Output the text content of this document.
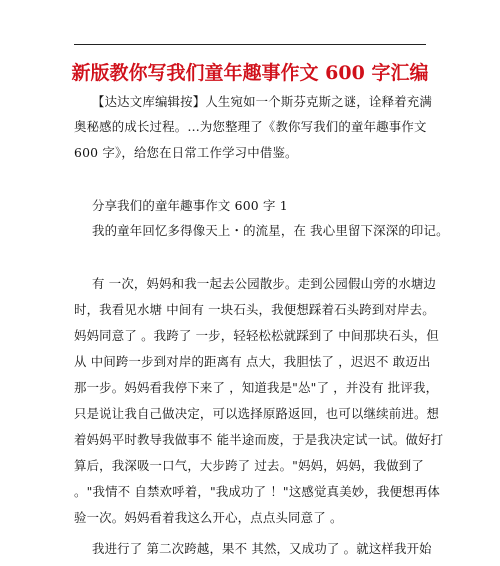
新版教你写我们童年趣事作文 600 字汇编
【达达文库编辑按】人生宛如一个斯芬克斯之谜，诠释着充满
奥秘感的成长过程。…为您整理了《教你写我们的童年趣事作文
600 字》，给您在日常工作学习中借鉴。
分享我们的童年趣事作文 600 字 1
我的童年回忆多得像天上・的流星，在 我心里留下深深的印记。
有 一次，妈妈和我一起去公园散步。走到公园假山旁的水塘边
时，我看见水塘 中间有 一块石头，我便想踩着石头跨到对岸去。
妈妈同意了 。我跨了 一步，轻轻松松就踩到了 中间那块石头，但
从 中间跨一步到对岸的距离有 点大，我胆怯了 ，迟迟不 敢迈出
那一步。妈妈看我停下来了 ，知道我是"怂"了 ，并没有 批评我，
只是说让我自己做决定，可以选择原路返回，也可以继续前进。想
着妈妈平时教导我做事不 能半途而废，于是我决定试一试。做好打
算后，我深吸一口气，大步跨了 过去。"妈妈，妈妈，我做到了
。"我情不 自禁欢呼着，"我成功了 ！"这感觉真美妙，我便想再体
验一次。妈妈看着我这么开心，点点头同意了 。
我进行了 第二次跨越，果不 其然，又成功了 。就这样我开始
